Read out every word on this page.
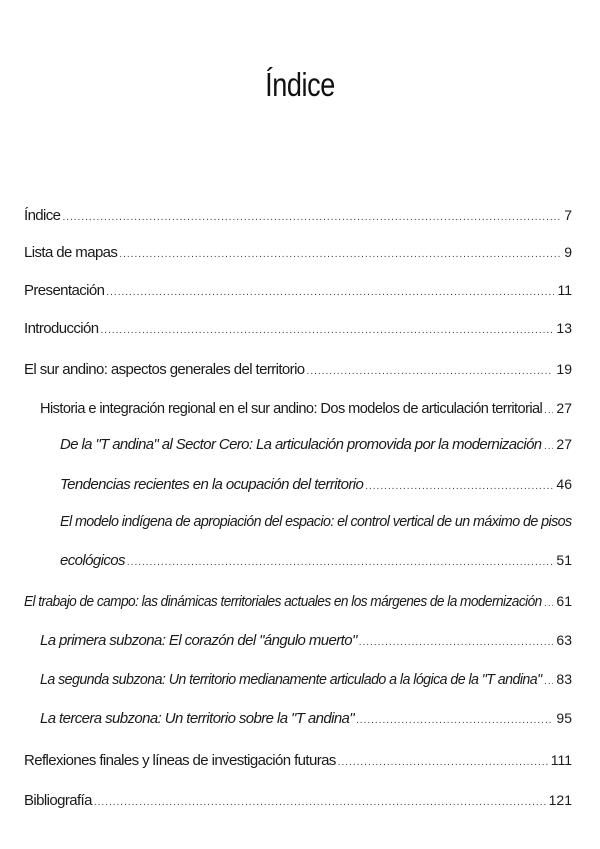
Índice
Índice .....	7
Lista de mapas .....	9
Presentación .....	11
Introducción .....	13
El sur andino: aspectos generales del territorio .....	19
Historia e integración regional en el sur andino: Dos modelos de articulación territorial ..... 27
De la "T andina" al Sector Cero: La articulación promovida por la modernización ..... 27
Tendencias recientes en la ocupación del territorio .....	46
El modelo indígena de apropiación del espacio: el control vertical de un máximo de pisos
ecológicos .....	51
El trabajo de campo: las dinámicas territoriales actuales en los márgenes de la modernización ..... 61
La primera subzona: El corazón del "ángulo muerto" .....	63
La segunda subzona: Un territorio medianamente articulado a la lógica de la "T andina" ..... 83
La tercera subzona: Un territorio sobre la "T andina" .....	95
Reflexiones finales y líneas de investigación futuras .....	111
Bibliografía .....	121
